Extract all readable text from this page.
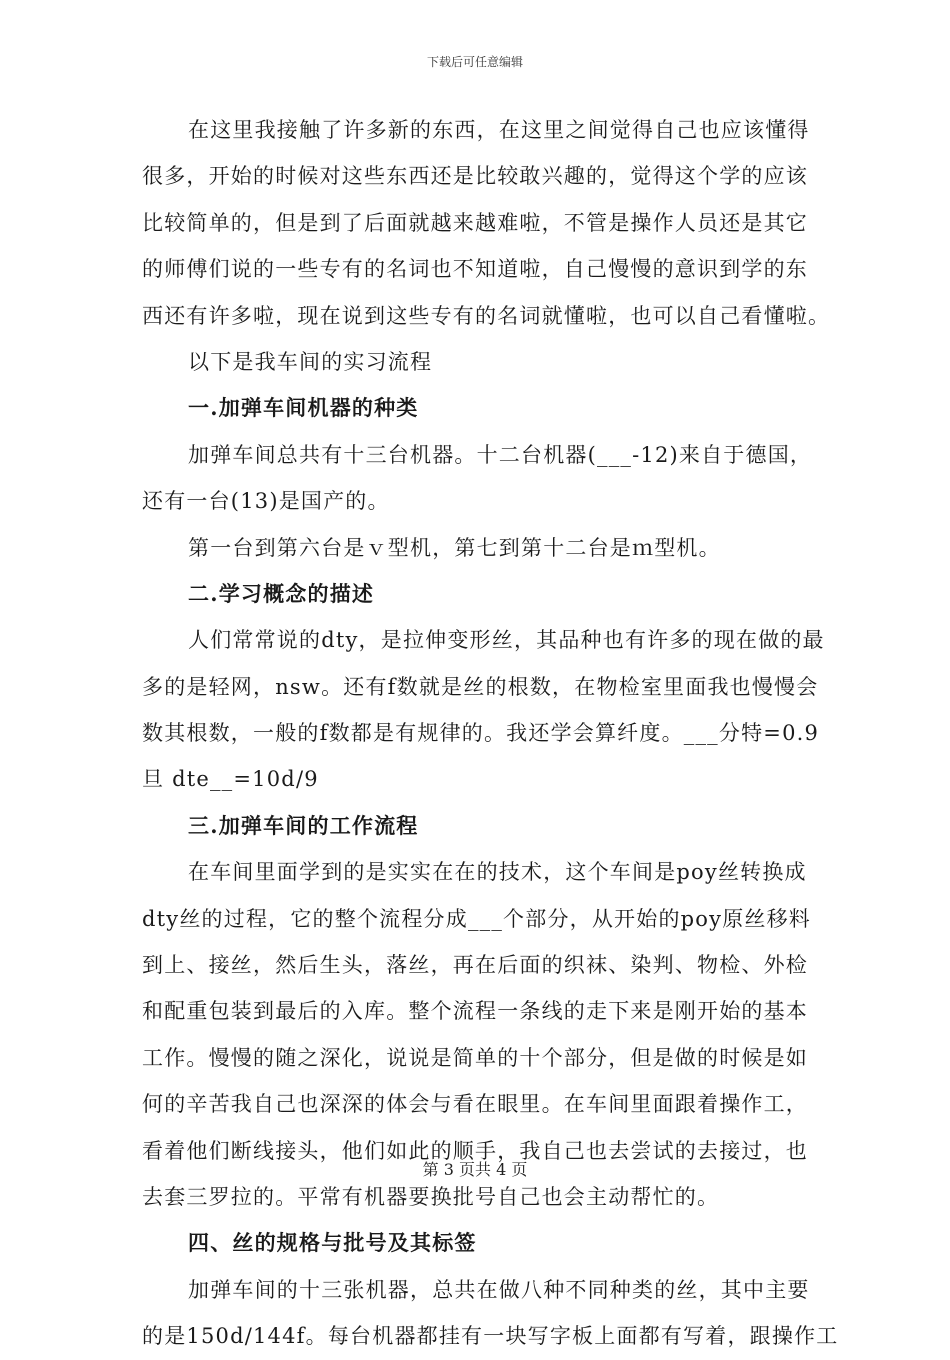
下载后可任意编辑
在这里我接触了许多新的东西，在这里之间觉得自己也应该懂得
很多，开始的时候对这些东西还是比较敢兴趣的，觉得这个学的应该
比较简单的，但是到了后面就越来越难啦，不管是操作人员还是其它
的师傅们说的一些专有的名词也不知道啦，自己慢慢的意识到学的东
西还有许多啦，现在说到这些专有的名词就懂啦，也可以自己看懂啦。
以下是我车间的实习流程
一.加弹车间机器的种类
加弹车间总共有十三台机器。十二台机器(___-12)来自于德国，
还有一台(13)是国产的。
第一台到第六台是ｖ型机，第七到第十二台是ｍ型机。
二.学习概念的描述
人们常常说的dty，是拉伸变形丝，其品种也有许多的现在做的最
多的是轻网，nsw。还有f数就是丝的根数，在物检室里面我也慢慢会
数其根数，一般的f数都是有规律的。我还学会算纤度。___分特=0.9
旦 dte__=10d/9
三.加弹车间的工作流程
在车间里面学到的是实实在在的技术，这个车间是poy丝转换成
dty丝的过程，它的整个流程分成___个部分，从开始的poy原丝移料
到上、接丝，然后生头，落丝，再在后面的织袜、染判、物检、外检
和配重包装到最后的入库。整个流程一条线的走下来是刚开始的基本
工作。慢慢的随之深化，说说是简单的十个部分，但是做的时候是如
何的辛苦我自己也深深的体会与看在眼里。在车间里面跟着操作工，
看着他们断线接头，他们如此的顺手，我自己也去尝试的去接过，也
去套三罗拉的。平常有机器要换批号自己也会主动帮忙的。
四、丝的规格与批号及其标签
加弹车间的十三张机器，总共在做八种不同种类的丝，其中主要
的是150d/144f。每台机器都挂有一块写字板上面都有写着，跟操作工
第 3 页共 4 页
